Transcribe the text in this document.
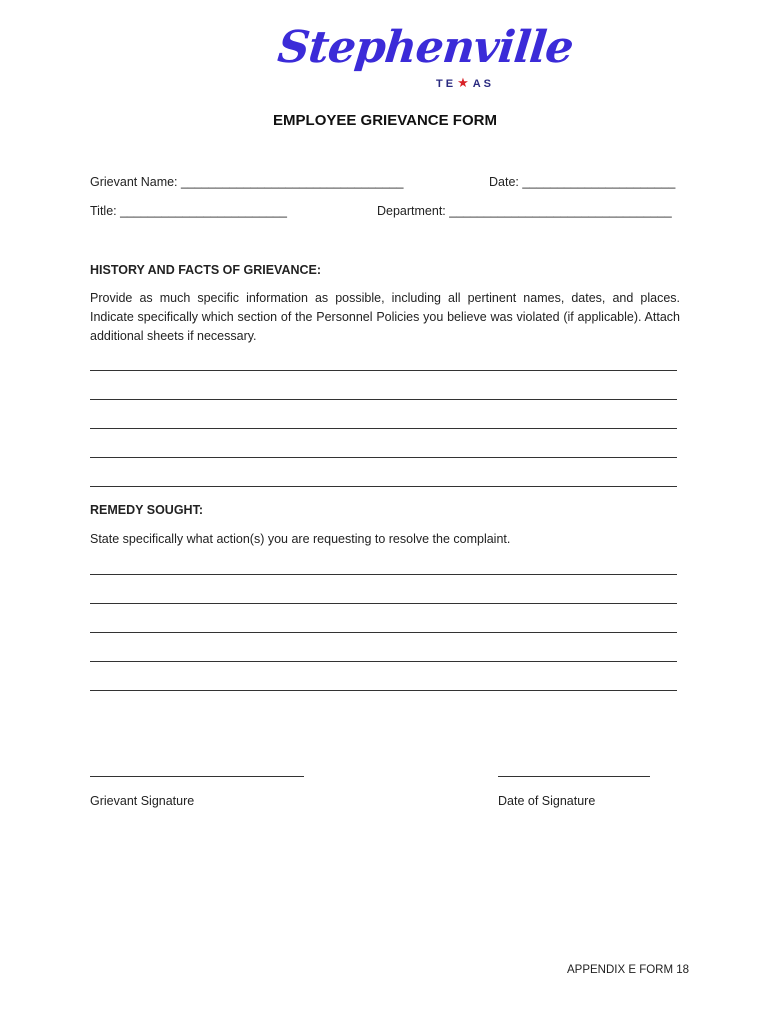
Stephenville
TE★AS
EMPLOYEE GRIEVANCE FORM
Grievant Name: ________________________________	Date: ______________________
Title: ________________________	Department: ________________________________
HISTORY AND FACTS OF GRIEVANCE:
Provide as much specific information as possible, including all pertinent names, dates, and places. Indicate specifically which section of the Personnel Policies you believe was violated (if applicable). Attach additional sheets if necessary.
REMEDY SOUGHT:
State specifically what action(s) you are requesting to resolve the complaint.
Grievant Signature	Date of Signature
APPENDIX E FORM 18
